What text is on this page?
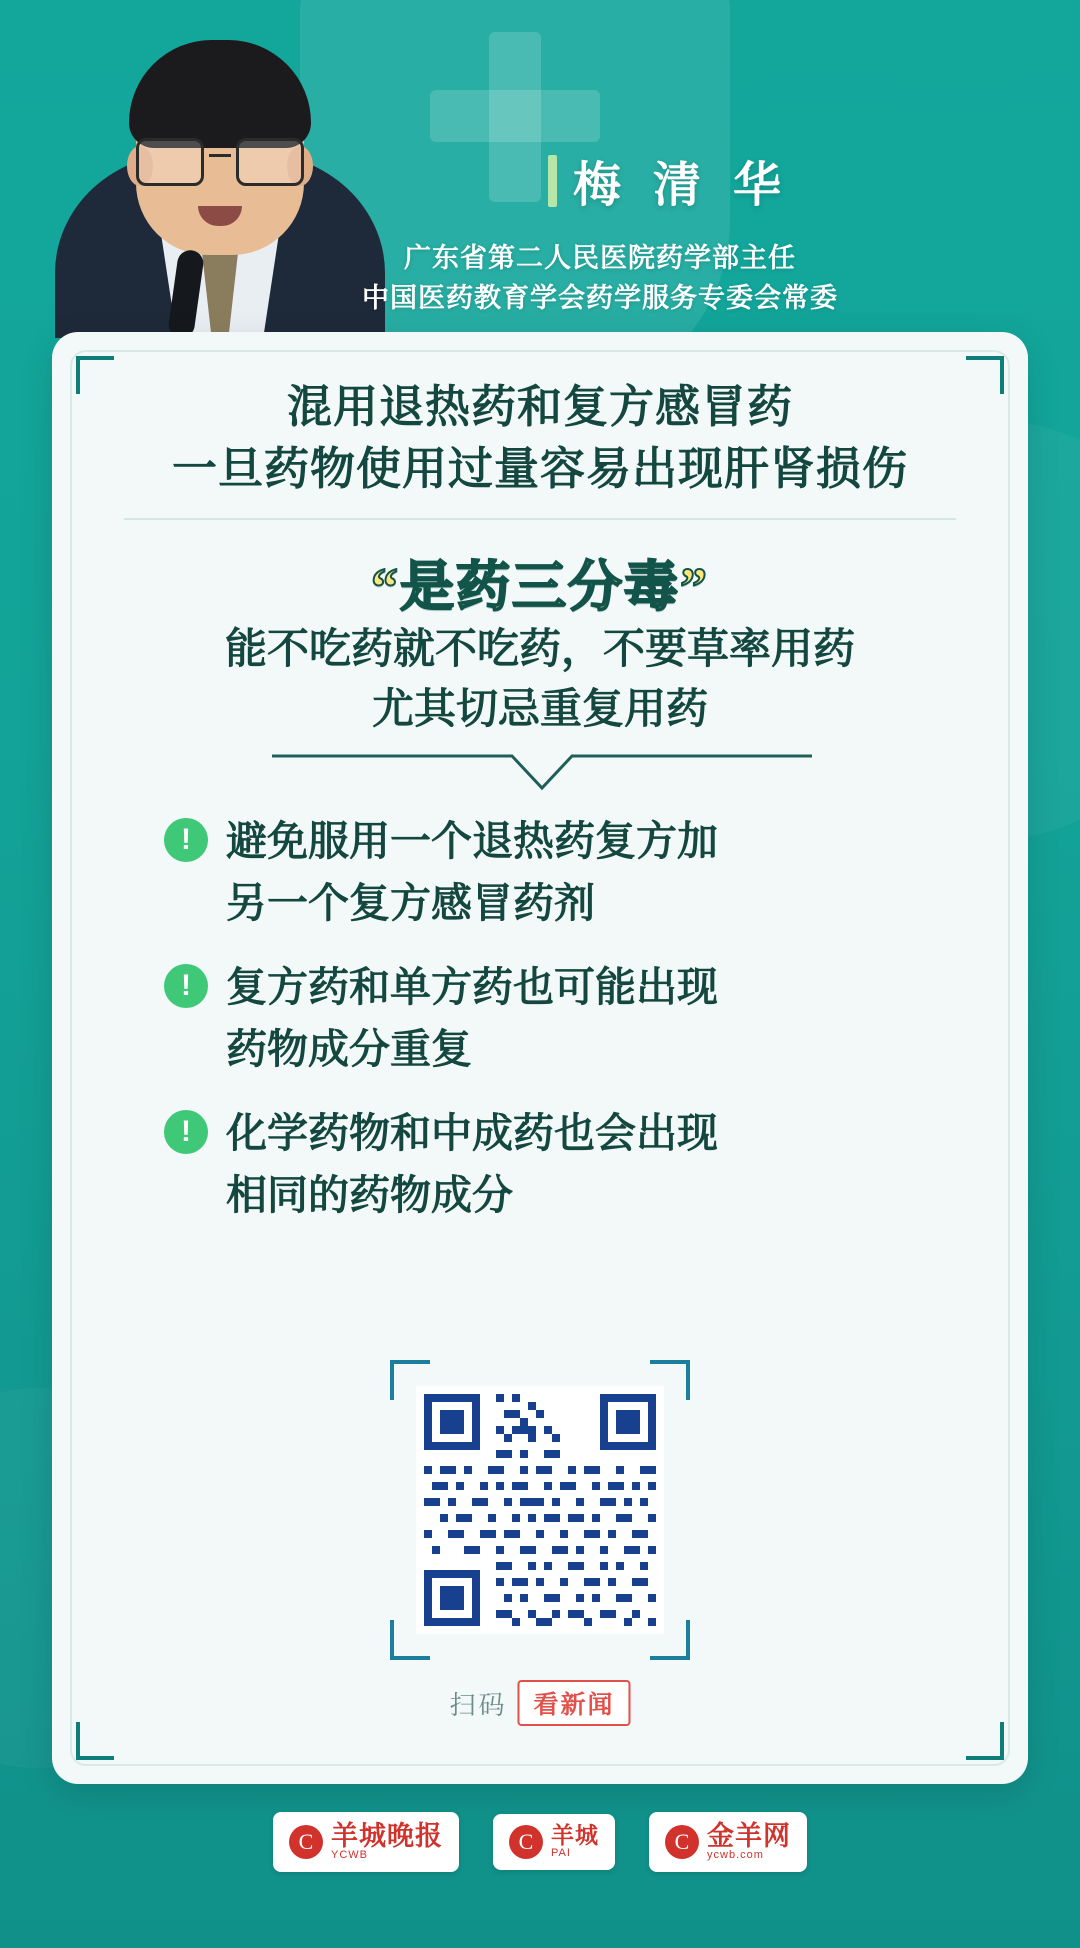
梅 清 华
广东省第二人民医院药学部主任
中国医药教育学会药学服务专委会常委
混用退热药和复方感冒药
一旦药物使用过量容易出现肝肾损伤
“是药三分毒”
能不吃药就不吃药，不要草率用药
尤其切忌重复用药
! 避免服用一个退热药复方加
另一个复方感冒药剂
! 复方药和单方药也可能出现
药物成分重复
! 化学药物和中成药也会出现
相同的药物成分
扫码	看新闻
C 羊城晚报
YCWB
C 羊城
PAI	C 金羊网
ycwb.com
